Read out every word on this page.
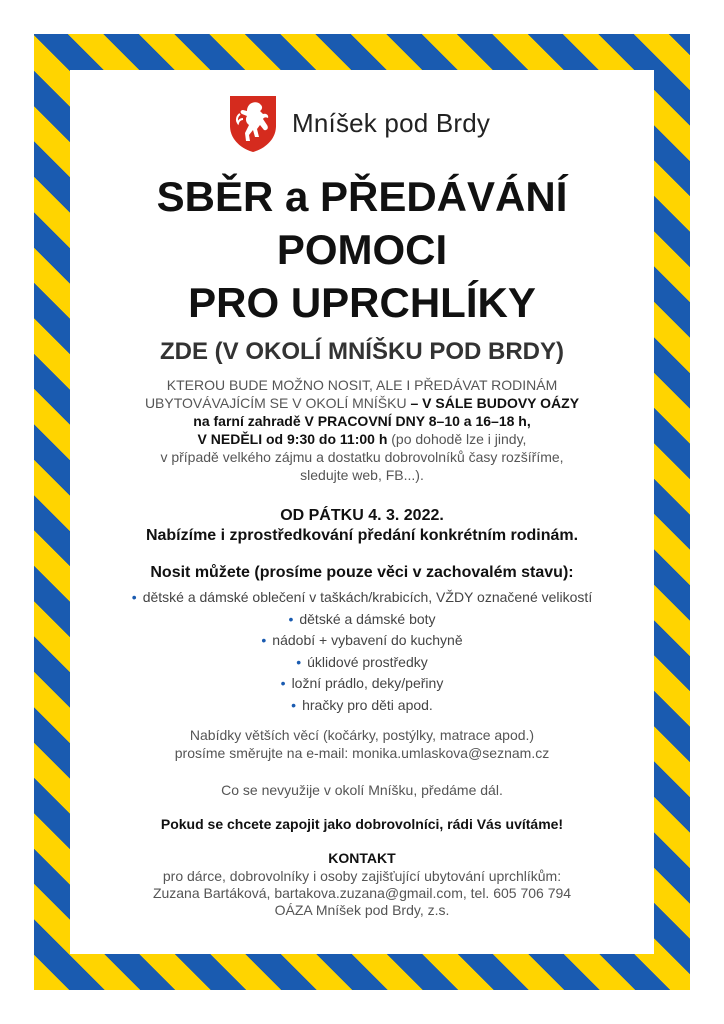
Mníšek pod Brdy
SBĚR a PŘEDÁVÁNÍ
POMOCI
PRO UPRCHLÍKY
ZDE (V OKOLÍ MNÍŠKU POD BRDY)
KTEROU BUDE MOŽNO NOSIT, ALE I PŘEDÁVAT RODINÁM
UBYTOVÁVAJÍCÍM SE V OKOLÍ MNÍŠKU – V SÁLE BUDOVY OÁZY
na farní zahradě V PRACOVNÍ DNY 8–10 a 16–18 h,
V NEDĚLI od 9:30 do 11:00 h (po dohodě lze i jindy,
v případě velkého zájmu a dostatku dobrovolníků časy rozšíříme,
sledujte web, FB...).
OD PÁTKU 4. 3. 2022.
Nabízíme i zprostředkování předání konkrétním rodinám.
Nosit můžete (prosíme pouze věci v zachovalém stavu):
• dětské a dámské oblečení v taškách/krabicích, VŽDY označené velikostí
• dětské a dámské boty
• nádobí + vybavení do kuchyně
• úklidové prostředky
• ložní prádlo, deky/peřiny
• hračky pro děti apod.
Nabídky větších věcí (kočárky, postýlky, matrace apod.)
prosíme směrujte na e-mail: monika.umlaskova@seznam.cz
Co se nevyužije v okolí Mníšku, předáme dál.
Pokud se chcete zapojit jako dobrovolníci, rádi Vás uvítáme!
KONTAKT
pro dárce, dobrovolníky i osoby zajišťující ubytování uprchlíkům:
Zuzana Bartáková, bartakova.zuzana@gmail.com, tel. 605 706 794
OÁZA Mníšek pod Brdy, z.s.
